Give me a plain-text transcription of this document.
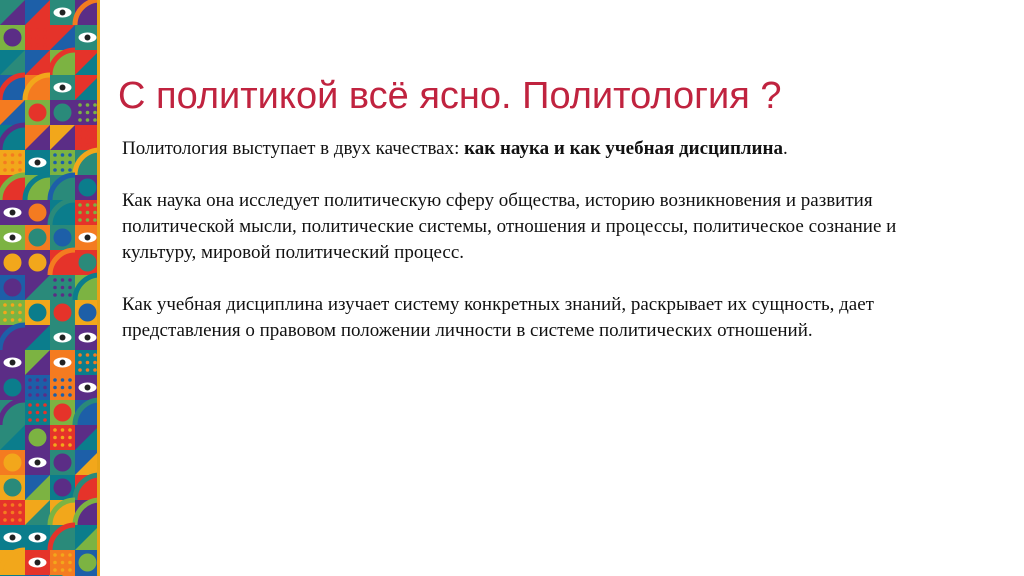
С политикой всё ясно. Политология ?

Политология выступает в двух качествах: как наука и как учебная дисциплина.

Как наука она исследует политическую сферу общества, историю возникновения и развития политической мысли, политические системы, отношения и процессы, политическое сознание и культуру, мировой политический процесс.

Как учебная дисциплина изучает систему конкретных знаний, раскрывает их сущность, дает представления о правовом положении личности в системе политических отношений.
